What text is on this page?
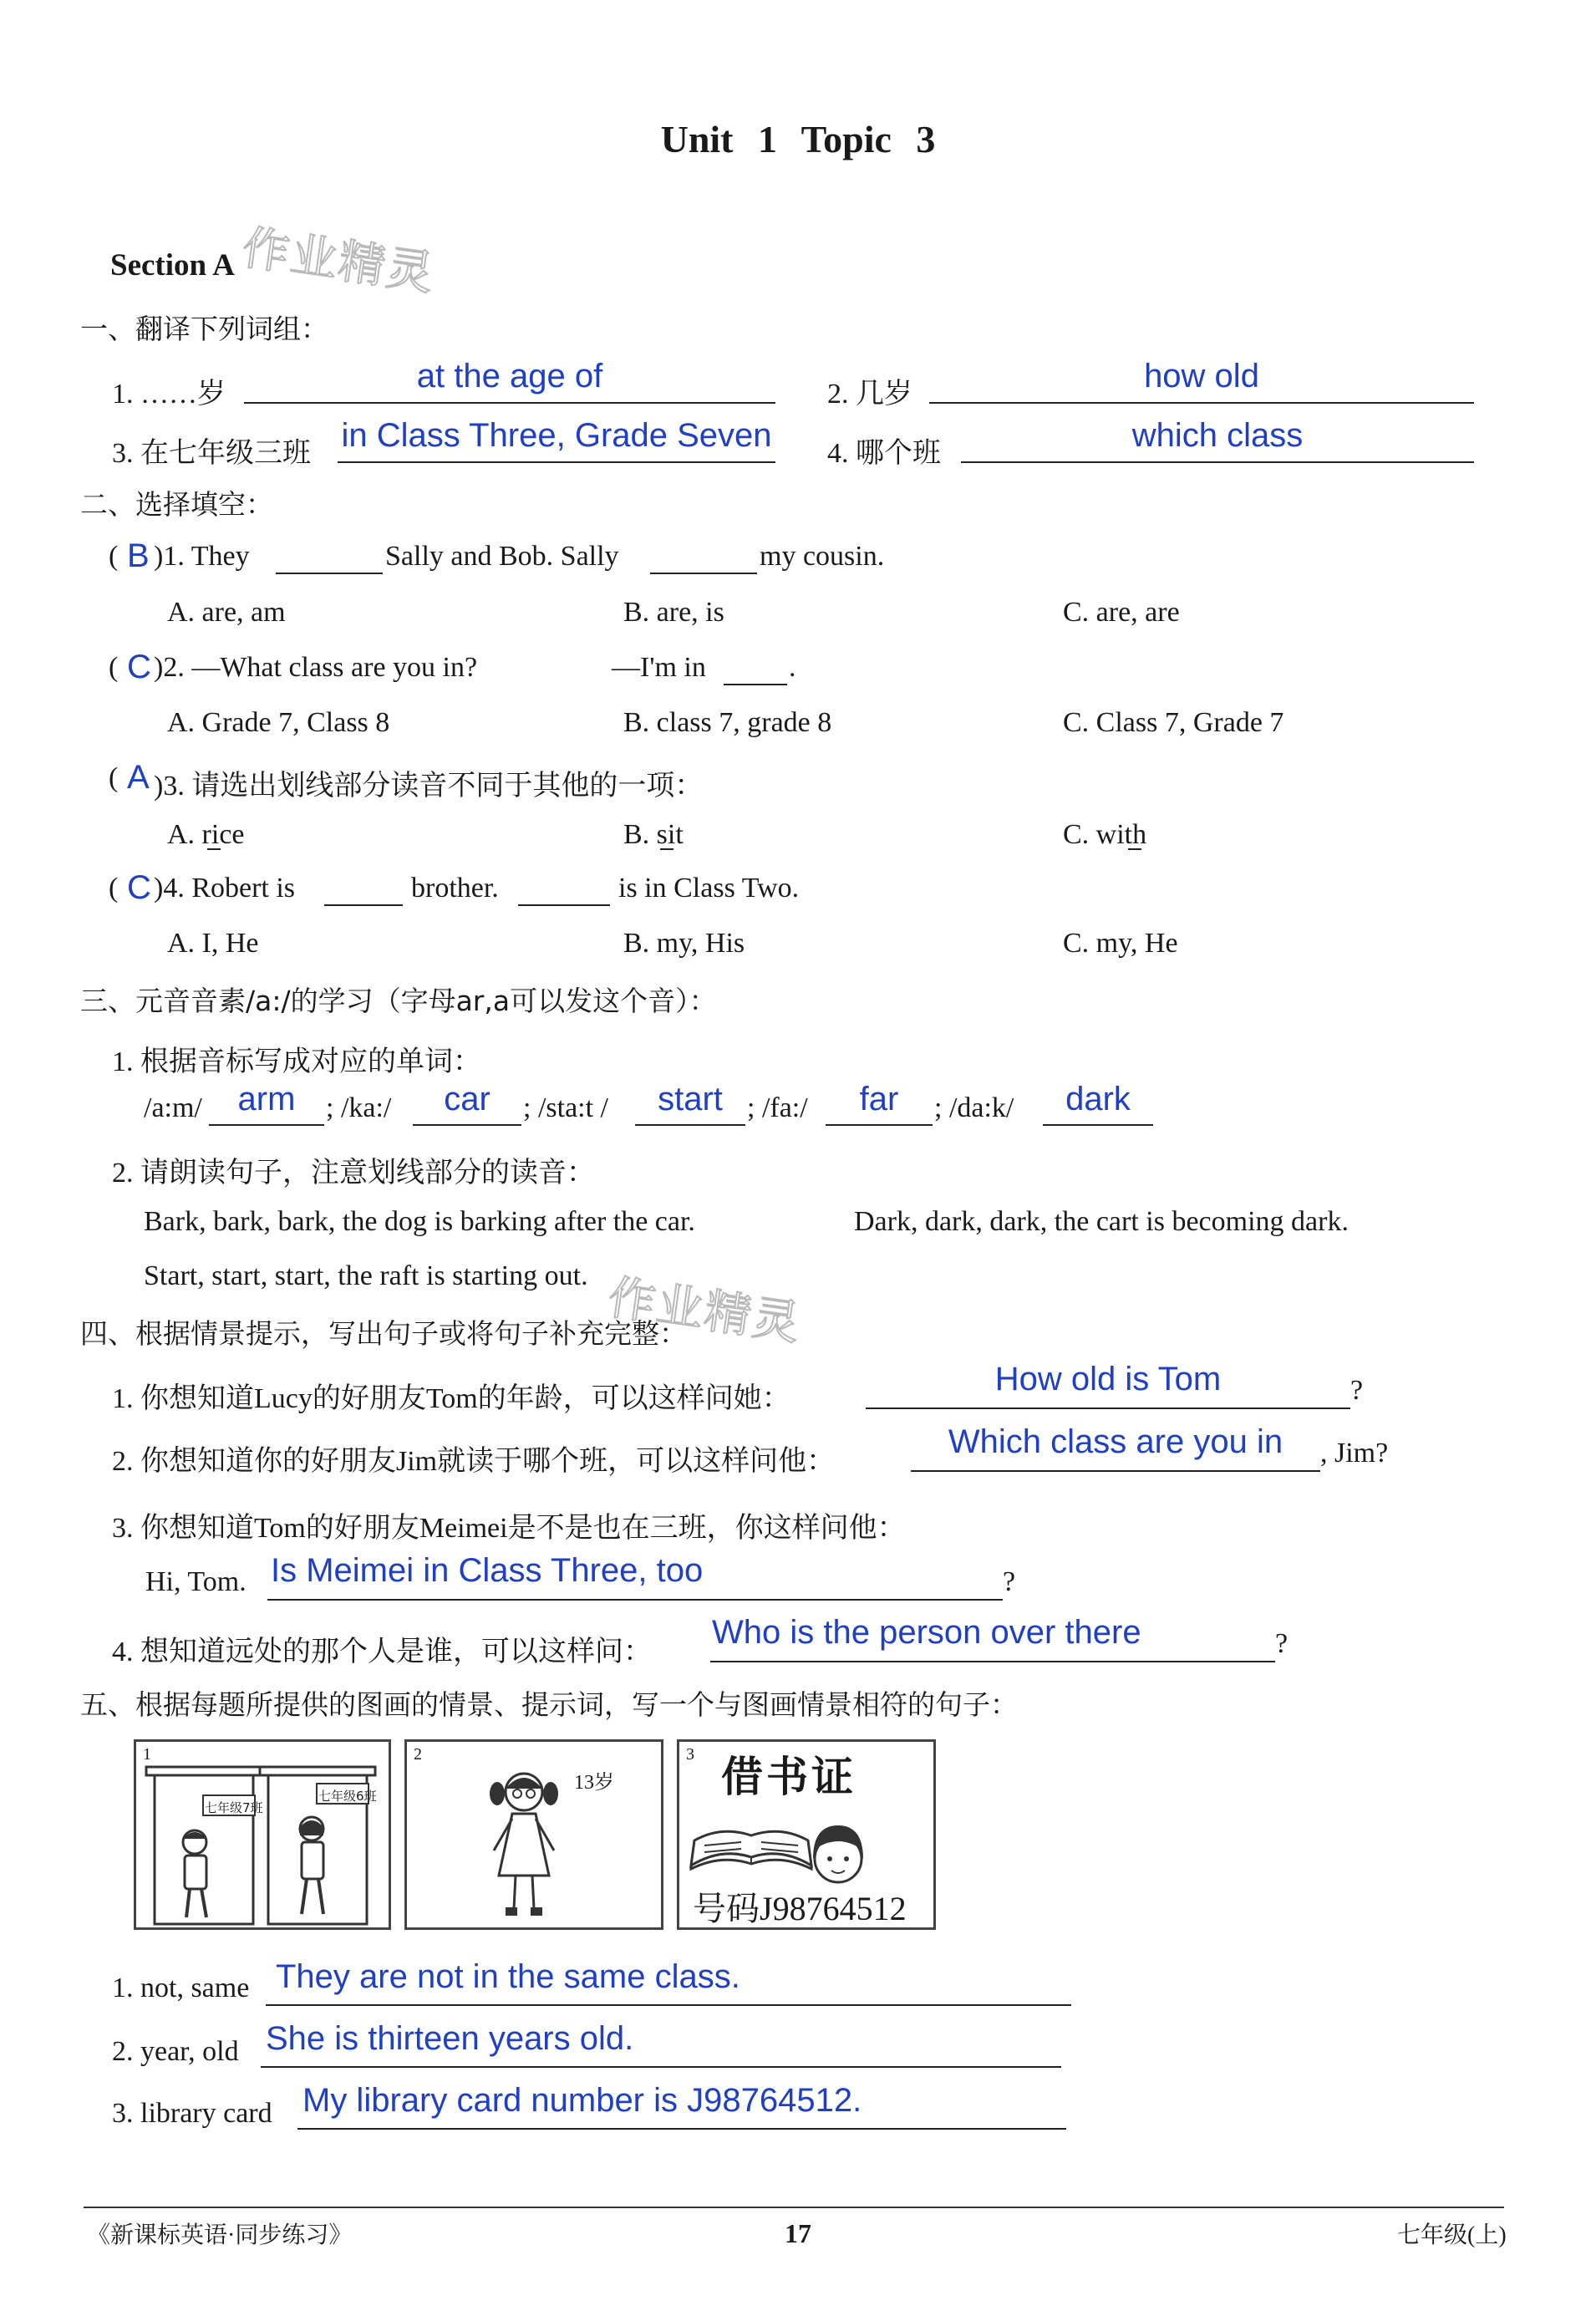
Unit 1 Topic 3
Section A 作业精灵
一、翻译下列词组：
1. ……岁	at the age of	2. 几岁	how old
3. 在七年级三班 in Class Three, Grade Seven 4. 哪个班	which class
二、选择填空：
( B )1. They	Sally and Bob. Sally	my cousin.
A. are, am	B. are, is	C. are, are
( C )2. —What class are you in?	—I'm in	.
A. Grade 7, Class 8	B. class 7, grade 8	C. Class 7, Grade 7
( A )3. 请选出划线部分读音不同于其他的一项：
A. rice	B. sit	C. with
( C )4. Robert is	brother.	is in Class Two.
A. I, He	B. my, His	C. my, He
三、元音音素/a:/的学习（字母ar,a可以发这个音）：
1. 根据音标写成对应的单词：
/a:m/	arm	; /ka:/	car	; /sta:t /	start ; /fa:/	far	; /da:k/	dark
2. 请朗读句子，注意划线部分的读音：
Bark, bark, bark, the dog is barking after the car.	Dark, dark, dark, the cart is becoming dark.
Start, start, start, the raft is starting out.
四、根据情景提示，写出句子或将句子补充完整：
作业精灵
1. 你想知道Lucy的好朋友Tom的年龄，可以这样问她：
How old is Tom	?
2. 你想知道你的好朋友Jim就读于哪个班，可以这样问他：
Which class are you in	, Jim?
3. 你想知道Tom的好朋友Meimei是不是也在三班，你这样问他：
Hi, Tom. Is Meimei in Class Three, too	?
4. 想知道远处的那个人是谁，可以这样问：
Who is the person over there	?
五、根据每题所提供的图画的情景、提示词，写一个与图画情景相符的句子：
1
七年级7班
七年级6班
2
13岁
3 借书证
号码J98764512
1. not, same They are not in the same class.
2. year, old She is thirteen years old.
3. library card My library card number is J98764512.
《新课标英语·同步练习》	17	七年级(上)
